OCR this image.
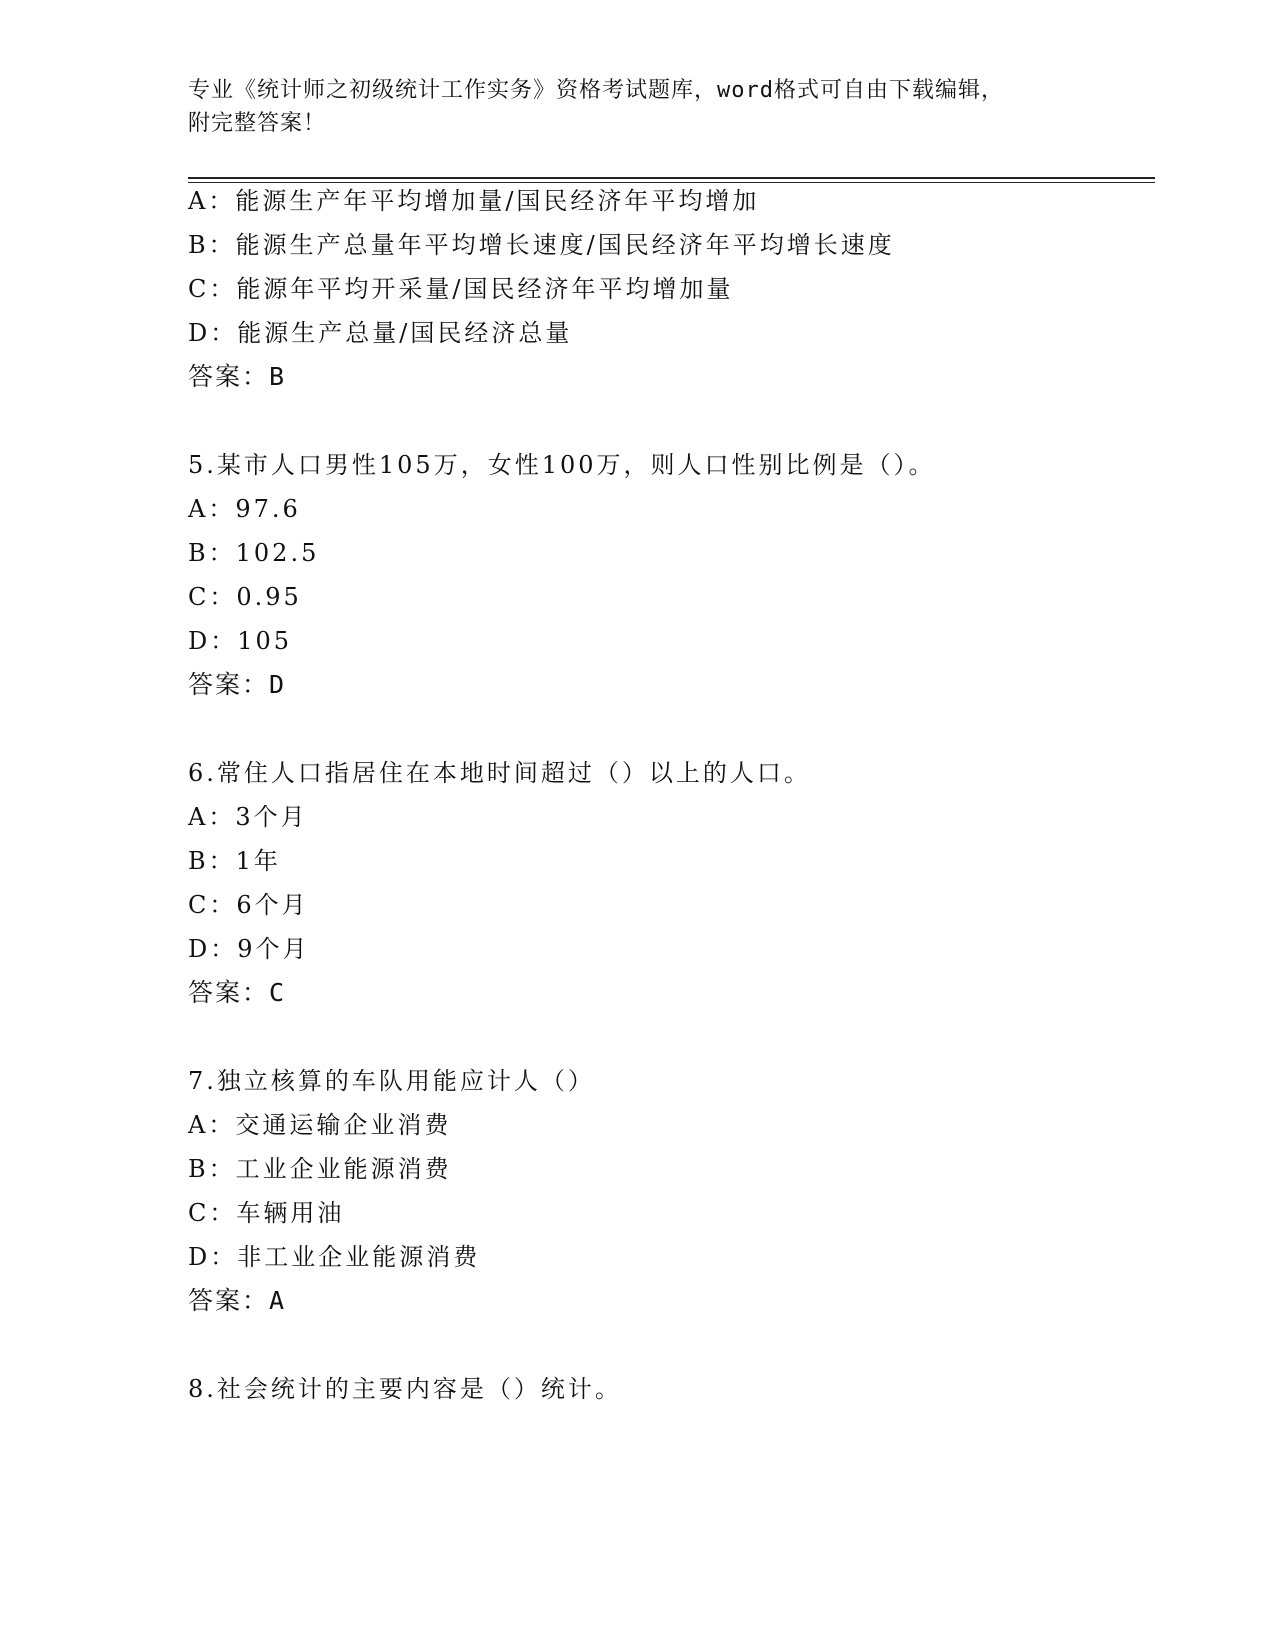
专业《统计师之初级统计工作实务》资格考试题库，word格式可自由下载编辑，
附完整答案！
A：能源生产年平均增加量/国民经济年平均增加
B：能源生产总量年平均增长速度/国民经济年平均增长速度
C：能源年平均开采量/国民经济年平均增加量
D：能源生产总量/国民经济总量
答案：B
5.某市人口男性105万，女性100万，则人口性别比例是（）。
A：97.6
B：102.5
C：0.95
D：105
答案：D
6.常住人口指居住在本地时间超过（）以上的人口。
A：3个月
B：1年
C：6个月
D：9个月
答案：C
7.独立核算的车队用能应计人（）
A：交通运输企业消费
B：工业企业能源消费
C：车辆用油
D：非工业企业能源消费
答案：A
8.社会统计的主要内容是（）统计。
